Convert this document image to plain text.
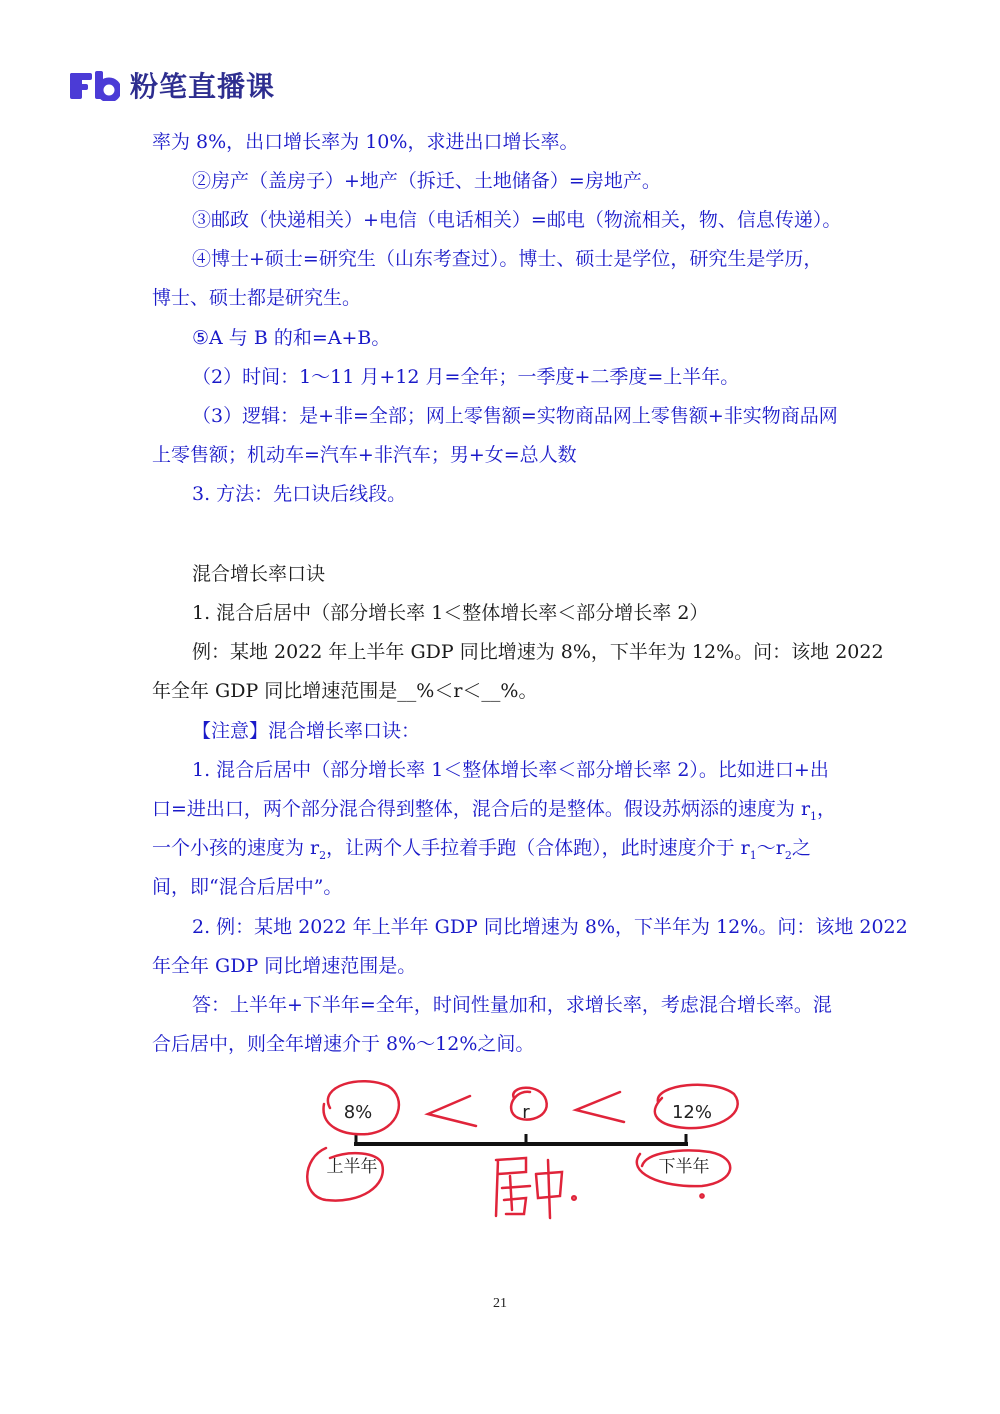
粉笔直播课
率为 8%，出口增长率为 10%，求进出口增长率。
②房产（盖房子）+地产（拆迁、土地储备）=房地产。
③邮政（快递相关）+电信（电话相关）=邮电（物流相关，物、信息传递）。
④博士+硕士=研究生（山东考查过）。博士、硕士是学位，研究生是学历，
博士、硕士都是研究生。
⑤A 与 B 的和=A+B。
（2）时间：1～11 月+12 月=全年；一季度+二季度=上半年。
（3）逻辑：是+非=全部；网上零售额=实物商品网上零售额+非实物商品网
上零售额；机动车=汽车+非汽车；男+女=总人数
3. 方法：先口诀后线段。
混合增长率口诀
1. 混合后居中（部分增长率 1＜整体增长率＜部分增长率 2）
例：某地 2022 年上半年 GDP 同比增速为 8%，下半年为 12%。问：该地 2022
年全年 GDP 同比增速范围是__%＜r＜__%。
【注意】混合增长率口诀：
1. 混合后居中（部分增长率 1＜整体增长率＜部分增长率 2）。比如进口+出
口=进出口，两个部分混合得到整体，混合后的是整体。假设苏炳添的速度为 $r_1$，
一个小孩的速度为 $r_2$，让两个人手拉着手跑（合体跑），此时速度介于 $r_1\sim r_2$之
间，即“混合后居中”。
2. 例：某地 2022 年上半年 GDP 同比增速为 8%，下半年为 12%。问：该地 2022
年全年 GDP 同比增速范围是。
答：上半年+下半年=全年，时间性量加和，求增长率，考虑混合增长率。混
合后居中，则全年增速介于 8%～12%之间。
8%	r	12%
上半年	下半年
21
